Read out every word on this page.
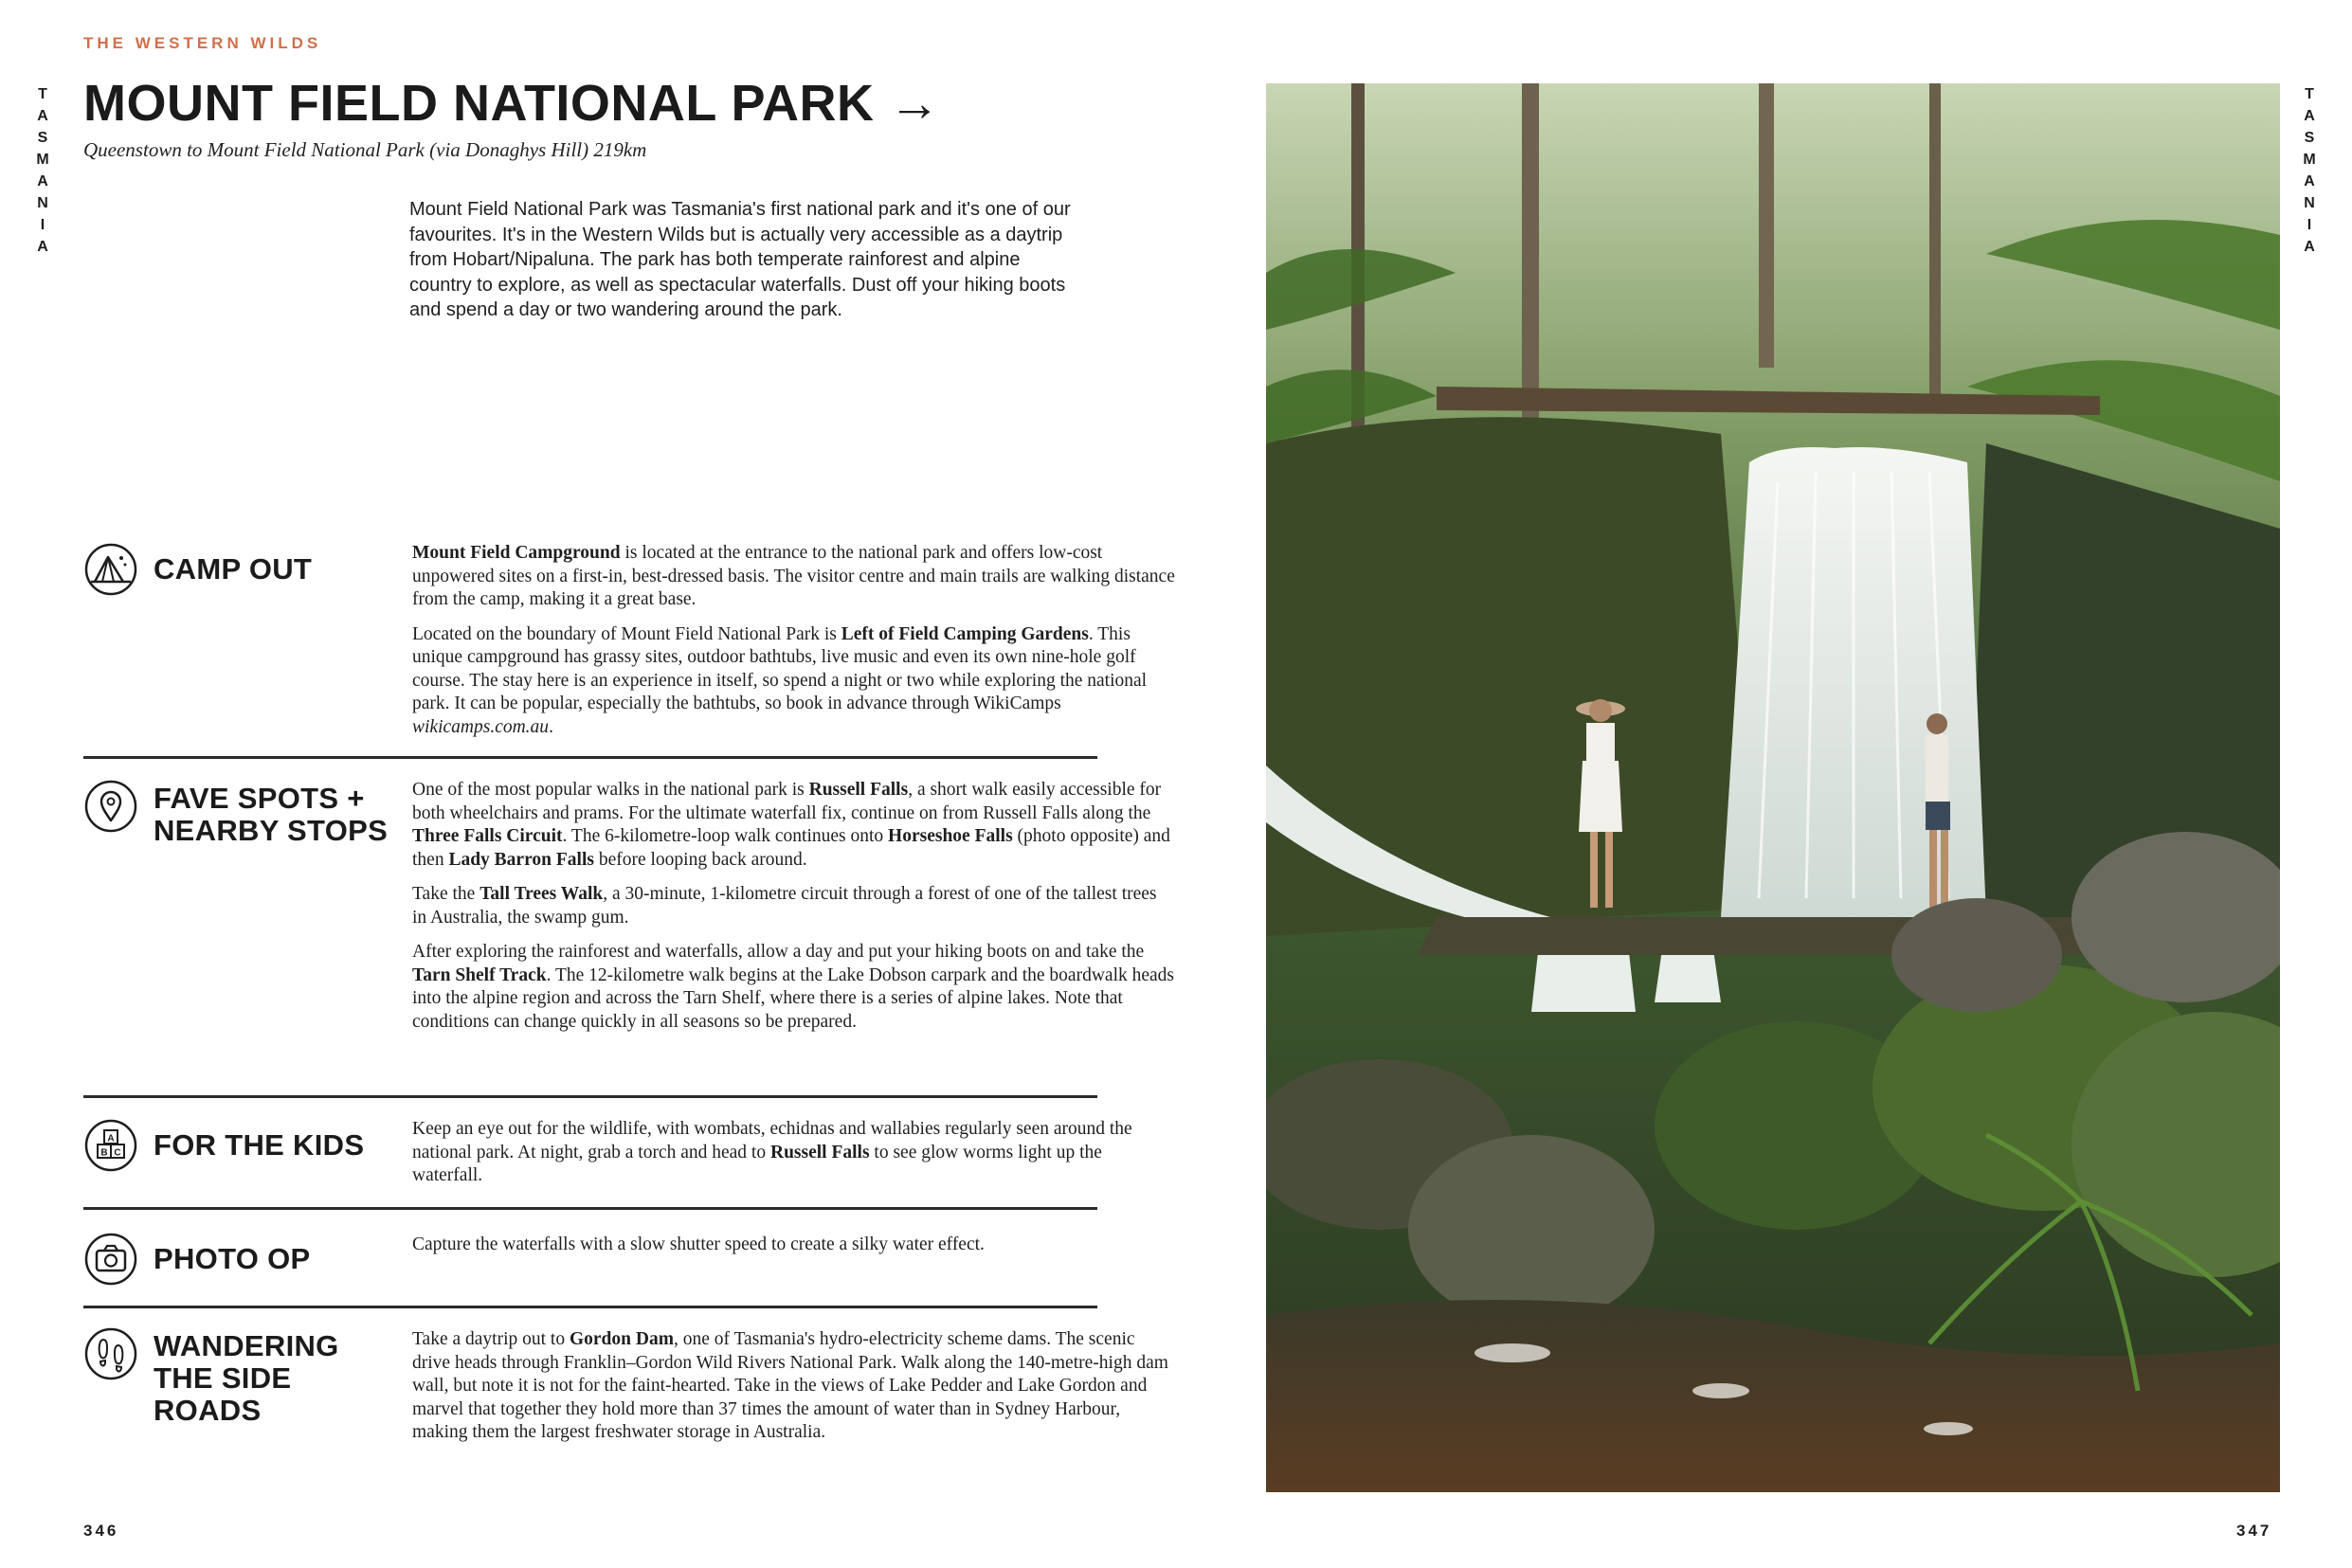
THE WESTERN WILDS
T
A
S
M
A
N
I
A
T
A
S
M
A
N
I
A
MOUNT FIELD NATIONAL PARK →
Queenstown to Mount Field National Park (via Donaghys Hill) 219km
Mount Field National Park was Tasmania's first national park and it's one of our favourites. It's in the Western Wilds but is actually very accessible as a daytrip from Hobart/Nipaluna. The park has both temperate rainforest and alpine country to explore, as well as spectacular waterfalls. Dust off your hiking boots and spend a day or two wandering around the park.
CAMP OUT	Mount Field Campground is located at the entrance to the national park and offers low-cost unpowered sites on a first-in, best-dressed basis. The visitor centre and main trails are walking distance from the camp, making it a great base.

Located on the boundary of Mount Field National Park is Left of Field Camping Gardens. This unique campground has grassy sites, outdoor bathtubs, live music and even its own nine-hole golf course. The stay here is an experience in itself, so spend a night or two while exploring the national park. It can be popular, especially the bathtubs, so book in advance through WikiCamps wikicamps.com.au.

FAVE SPOTS +
NEARBY STOPS

One of the most popular walks in the national park is Russell Falls, a short walk easily accessible for both wheelchairs and prams. For the ultimate waterfall fix, continue on from Russell Falls along the Three Falls Circuit. The 6-kilometre-loop walk continues onto Horseshoe Falls (photo opposite) and then Lady Barron Falls before looping back around.

Take the Tall Trees Walk, a 30-minute, 1-kilometre circuit through a forest of one of the tallest trees in Australia, the swamp gum.

After exploring the rainforest and waterfalls, allow a day and put your hiking boots on and take the Tarn Shelf Track. The 12-kilometre walk begins at the Lake Dobson carpark and the boardwalk heads into the alpine region and across the Tarn Shelf, where there is a series of alpine lakes. Note that conditions can change quickly in all seasons so be prepared.

A
B C FOR THE KIDS	Keep an eye out for the wildlife, with wombats, echidnas and wallabies regularly seen around the national park. At night, grab a torch and head to Russell Falls to see glow worms light up the waterfall.

PHOTO OP	Capture the waterfalls with a slow shutter speed to create a silky water effect.

WANDERING
THE SIDE
ROADS

Take a daytrip out to Gordon Dam, one of Tasmania's hydro-electricity scheme dams. The scenic drive heads through Franklin–Gordon Wild Rivers National Park. Walk along the 140-metre-high dam wall, but note it is not for the faint-hearted. Take in the views of Lake Pedder and Lake Gordon and marvel that together they hold more than 37 times the amount of water than in Sydney Harbour, making them the largest freshwater storage in Australia.

346	347
